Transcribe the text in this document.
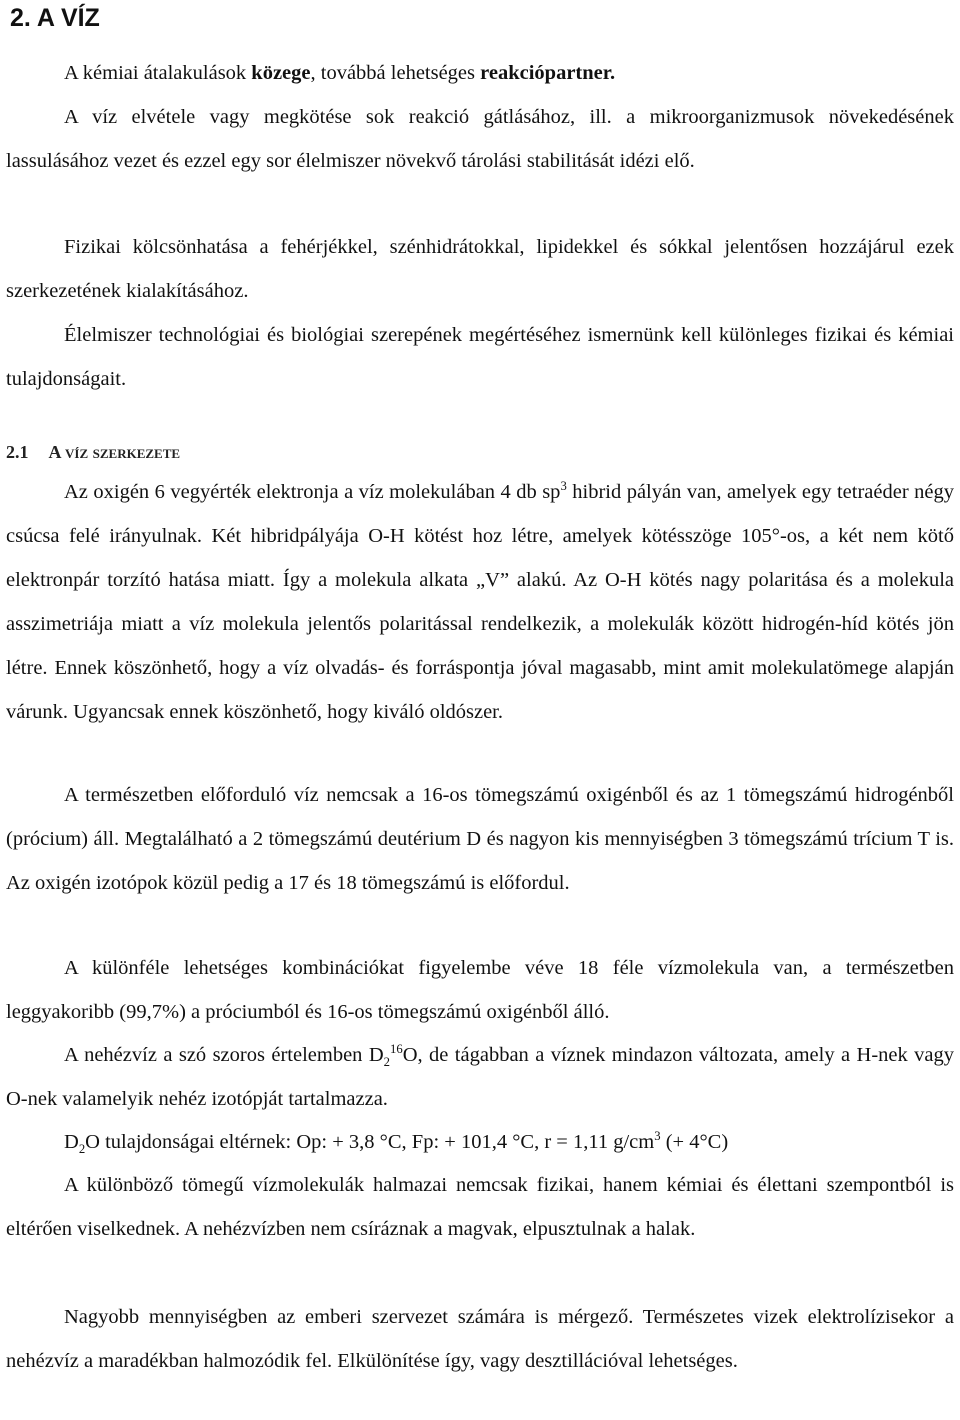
2. A VÍZ

A kémiai átalakulások közege, továbbá lehetséges reakciópartner.

A víz elvétele vagy megkötése sok reakció gátlásához, ill. a mikroorganizmusok növekedésének lassulásához vezet és ezzel egy sor élelmiszer növekvő tárolási stabilitását idézi elő.

Fizikai kölcsönhatása a fehérjékkel, szénhidrátokkal, lipidekkel és sókkal jelentősen hozzájárul ezek szerkezetének kialakításához.

Élelmiszer technológiai és biológiai szerepének megértéséhez ismernünk kell különleges fizikai és kémiai tulajdonságait.

2.1 A víz szerkezete

Az oxigén 6 vegyérték elektronja a víz molekulában 4 db $sp^3$ hibrid pályán van, amelyek egy tetraéder négy csúcsa felé irányulnak. Két hibridpályája O-H kötést hoz létre, amelyek kötésszöge 105°-os, a két nem kötő elektronpár torzító hatása miatt. Így a molekula alkata „V” alakú. Az O-H kötés nagy polaritása és a molekula asszimetriája miatt a víz molekula jelentős polaritással rendelkezik, a molekulák között hidrogén-híd kötés jön létre. Ennek köszönhető, hogy a víz olvadás- és forráspontja jóval magasabb, mint amit molekulatömege alapján várunk. Ugyancsak ennek köszönhető, hogy kiváló oldószer.

A természetben előforduló víz nemcsak a 16-os tömegszámú oxigénből és az 1 tömegszámú hidrogénből (prócium) áll. Megtalálható a 2 tömegszámú deutérium D és nagyon kis mennyiségben 3 tömegszámú trícium T is. Az oxigén izotópok közül pedig a 17 és 18 tömegszámú is előfordul.

A különféle lehetséges kombinációkat figyelembe véve 18 féle vízmolekula van, a természetben leggyakoribb (99,7%) a próciumból és 16-os tömegszámú oxigénből álló.

A nehézvíz a szó szoros értelemben $D_2^{16}O$, de tágabban a víznek mindazon változata, amely a H-nek vagy O-nek valamelyik nehéz izotópját tartalmazza.

$D_2O$ tulajdonságai eltérnek: Op: + 3,8 °C, Fp: + 101,4 °C, r = 1,11 $g/cm^3$ (+ 4°C)

A különböző tömegű vízmolekulák halmazai nemcsak fizikai, hanem kémiai és élettani szempontból is eltérően viselkednek. A nehézvízben nem csíráznak a magvak, elpusztulnak a halak.

Nagyobb mennyiségben az emberi szervezet számára is mérgező. Természetes vizek elektrolízisekor a nehézvíz a maradékban halmozódik fel. Elkülönítése így, vagy desztillációval lehetséges.
